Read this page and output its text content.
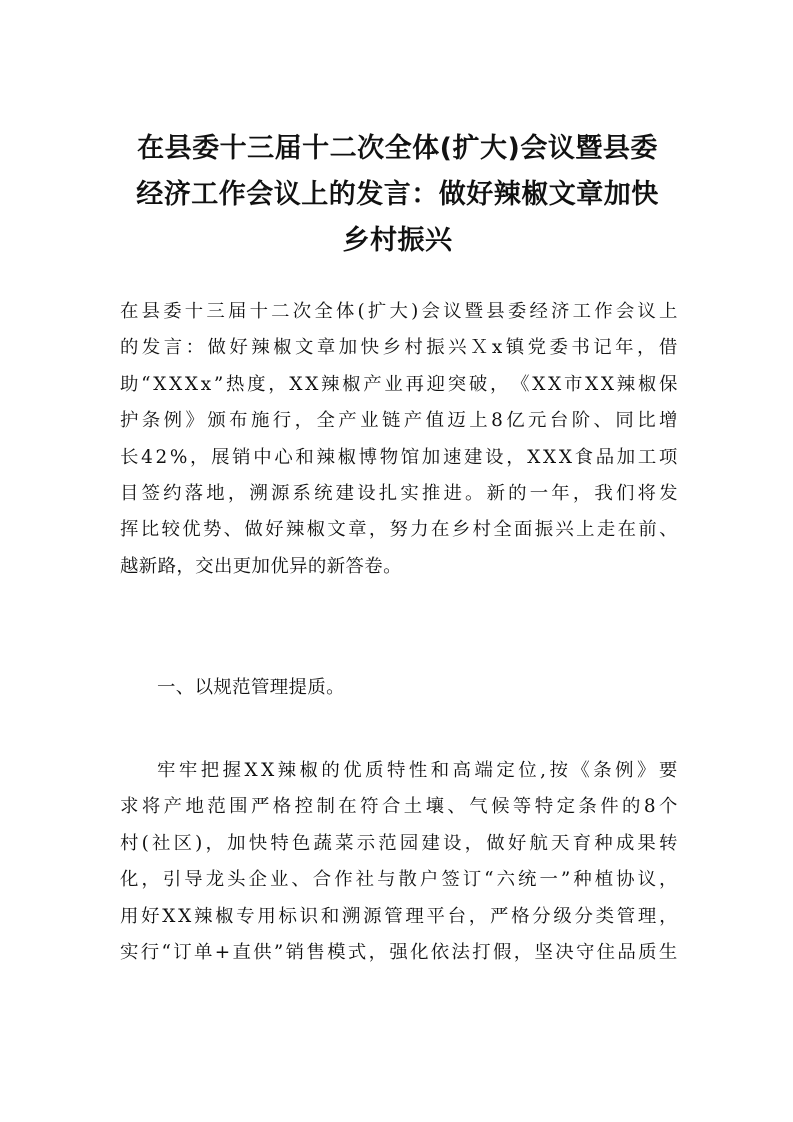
在县委十三届十二次全体(扩大)会议暨县委
经济工作会议上的发言：做好辣椒文章加快
乡村振兴
在 县 委 十 三 届 十 二 次 全 体 ( 扩 大 ) 会 议 暨 县 委 经 济 工 作 会 议 上
的 发 言 ： 做 好 辣 椒 文 章 加 快 乡 村 振 兴 Ｘ x 镇 党 委 书 记 年 ， 借
助 “ X X X x ” 热 度 ， X X 辣 椒 产 业 再 迎 突 破 ， 《 X X 市 X X 辣 椒 保
护 条 例 》 颁 布 施 行 ， 全 产 业 链 产 值 迈 上 8 亿 元 台 阶 、 同 比 增
长 4 2 % ， 展 销 中 心 和 辣 椒 博 物 馆 加 速 建 设 ， X X X 食 品 加 工 项
目 签 约 落 地 ， 溯 源 系 统 建 设 扎 实 推 进 。 新 的 一 年 ， 我 们 将 发
挥 比 较 优 势 、 做 好 辣 椒 文 章 ， 努 力 在 乡 村 全 面 振 兴 上 走 在 前 、
越新路，交出更加优异的新答卷。
一、以规范管理提质。
牢 牢 把 握 X X 辣 椒 的 优 质 特 性 和 高 端 定 位 , 按 《 条 例 》 要
求 将 产 地 范 围 严 格 控 制 在 符 合 土 壤 、 气 候 等 特 定 条 件 的 8 个
村 ( 社 区 ) ， 加 快 特 色 蔬 菜 示 范 园 建 设 ， 做 好 航 天 育 种 成 果 转
化 ， 引 导 龙 头 企 业 、 合 作 社 与 散 户 签 订 “ 六 统 一 ” 种 植 协 议 ，
用 好 X X 辣 椒 专 用 标 识 和 溯 源 管 理 平 台 ， 严 格 分 级 分 类 管 理 ，
实 行 “ 订 单 + 直 供 ” 销 售 模 式 ， 强 化 依 法 打 假 ， 坚 决 守 住 品 质 生
